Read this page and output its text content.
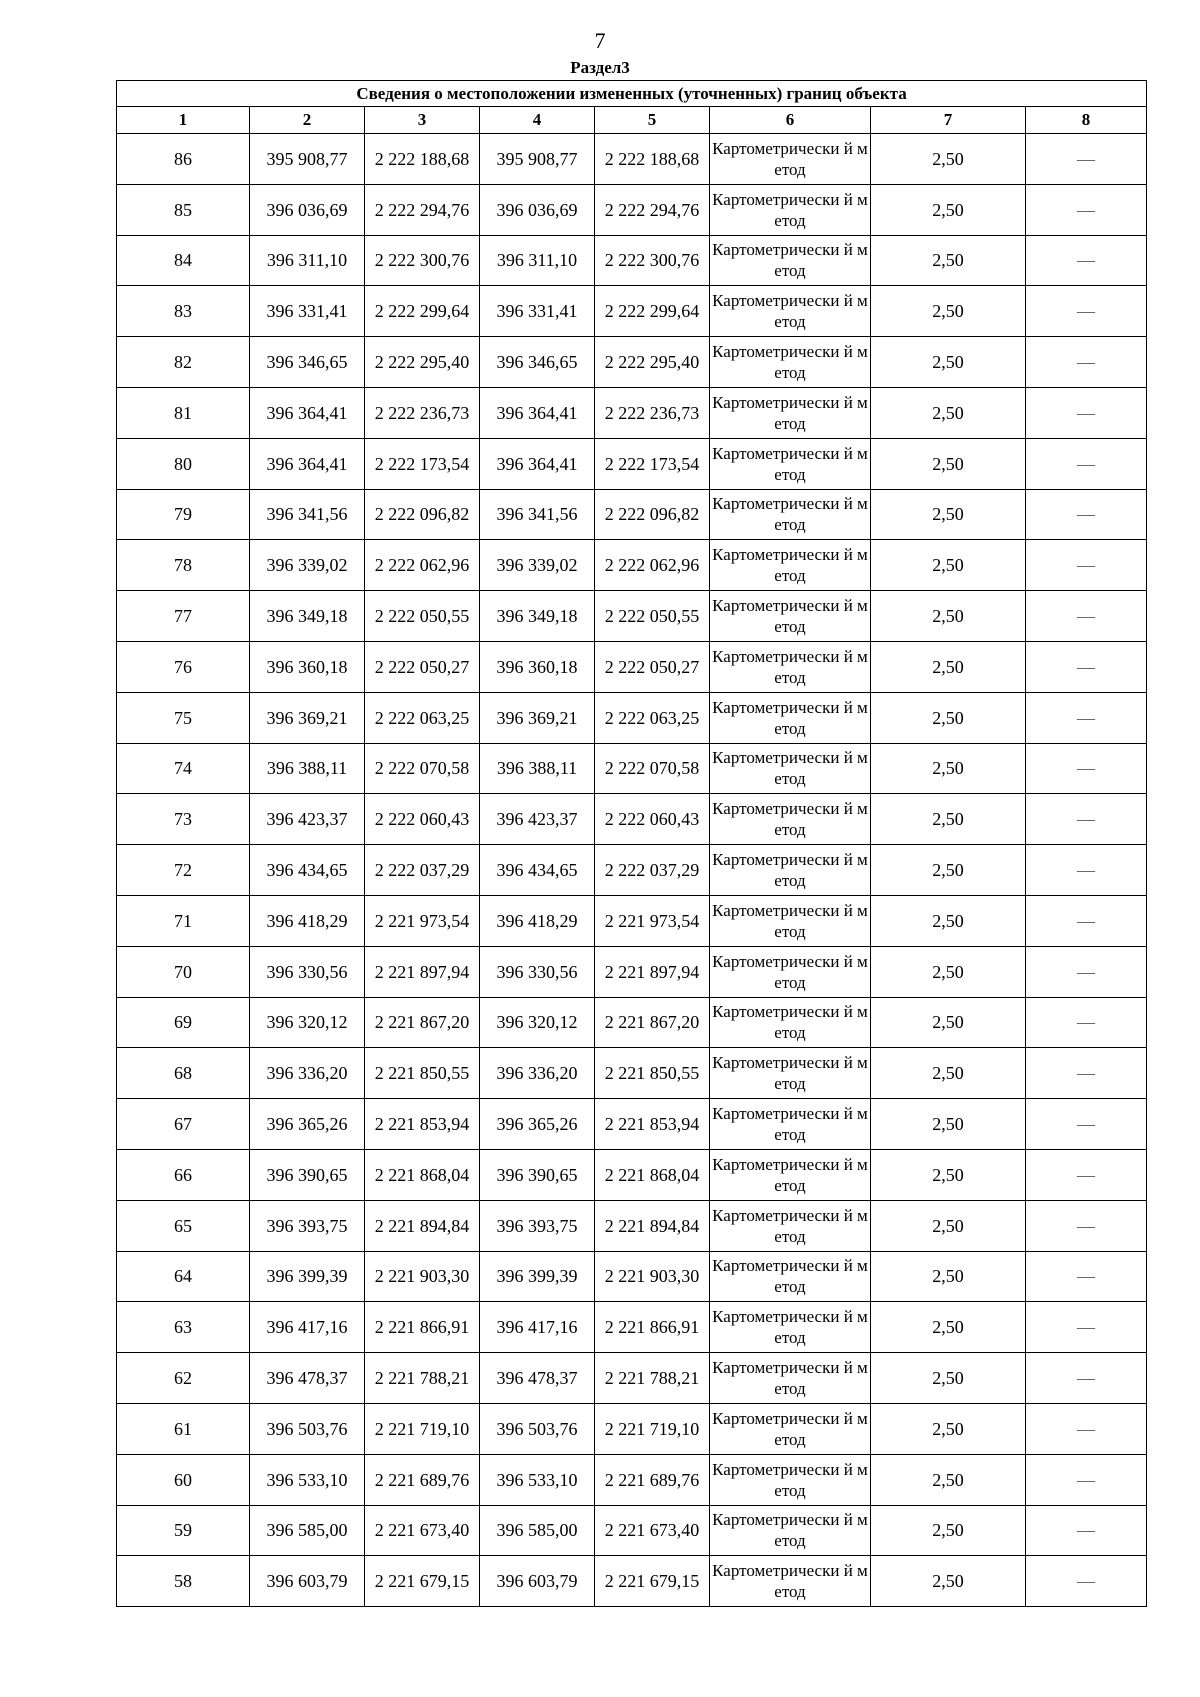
7
Раздел3
Сведения о местоположении измененных (уточненных) границ объекта							
1	2	3	4	5	6	7	8
86	395 908,77	2 222 188,68	395 908,77	2 222 188,68	Картометрически й метод	2,50	—
85	396 036,69	2 222 294,76	396 036,69	2 222 294,76	Картометрически й метод	2,50	—
84	396 311,10	2 222 300,76	396 311,10	2 222 300,76	Картометрически й метод	2,50	—
83	396 331,41	2 222 299,64	396 331,41	2 222 299,64	Картометрически й метод	2,50	—
82	396 346,65	2 222 295,40	396 346,65	2 222 295,40	Картометрически й метод	2,50	—
81	396 364,41	2 222 236,73	396 364,41	2 222 236,73	Картометрически й метод	2,50	—
80	396 364,41	2 222 173,54	396 364,41	2 222 173,54	Картометрически й метод	2,50	—
79	396 341,56	2 222 096,82	396 341,56	2 222 096,82	Картометрически й метод	2,50	—
78	396 339,02	2 222 062,96	396 339,02	2 222 062,96	Картометрически й метод	2,50	—
77	396 349,18	2 222 050,55	396 349,18	2 222 050,55	Картометрически й метод	2,50	—
76	396 360,18	2 222 050,27	396 360,18	2 222 050,27	Картометрически й метод	2,50	—
75	396 369,21	2 222 063,25	396 369,21	2 222 063,25	Картометрически й метод	2,50	—
74	396 388,11	2 222 070,58	396 388,11	2 222 070,58	Картометрически й метод	2,50	—
73	396 423,37	2 222 060,43	396 423,37	2 222 060,43	Картометрически й метод	2,50	—
72	396 434,65	2 222 037,29	396 434,65	2 222 037,29	Картометрически й метод	2,50	—
71	396 418,29	2 221 973,54	396 418,29	2 221 973,54	Картометрически й метод	2,50	—
70	396 330,56	2 221 897,94	396 330,56	2 221 897,94	Картометрически й метод	2,50	—
69	396 320,12	2 221 867,20	396 320,12	2 221 867,20	Картометрически й метод	2,50	—
68	396 336,20	2 221 850,55	396 336,20	2 221 850,55	Картометрически й метод	2,50	—
67	396 365,26	2 221 853,94	396 365,26	2 221 853,94	Картометрически й метод	2,50	—
66	396 390,65	2 221 868,04	396 390,65	2 221 868,04	Картометрически й метод	2,50	—
65	396 393,75	2 221 894,84	396 393,75	2 221 894,84	Картометрически й метод	2,50	—
64	396 399,39	2 221 903,30	396 399,39	2 221 903,30	Картометрически й метод	2,50	—
63	396 417,16	2 221 866,91	396 417,16	2 221 866,91	Картометрически й метод	2,50	—
62	396 478,37	2 221 788,21	396 478,37	2 221 788,21	Картометрически й метод	2,50	—
61	396 503,76	2 221 719,10	396 503,76	2 221 719,10	Картометрически й метод	2,50	—
60	396 533,10	2 221 689,76	396 533,10	2 221 689,76	Картометрически й метод	2,50	—
59	396 585,00	2 221 673,40	396 585,00	2 221 673,40	Картометрически й метод	2,50	—
58	396 603,79	2 221 679,15	396 603,79	2 221 679,15	Картометрически й метод	2,50	—
